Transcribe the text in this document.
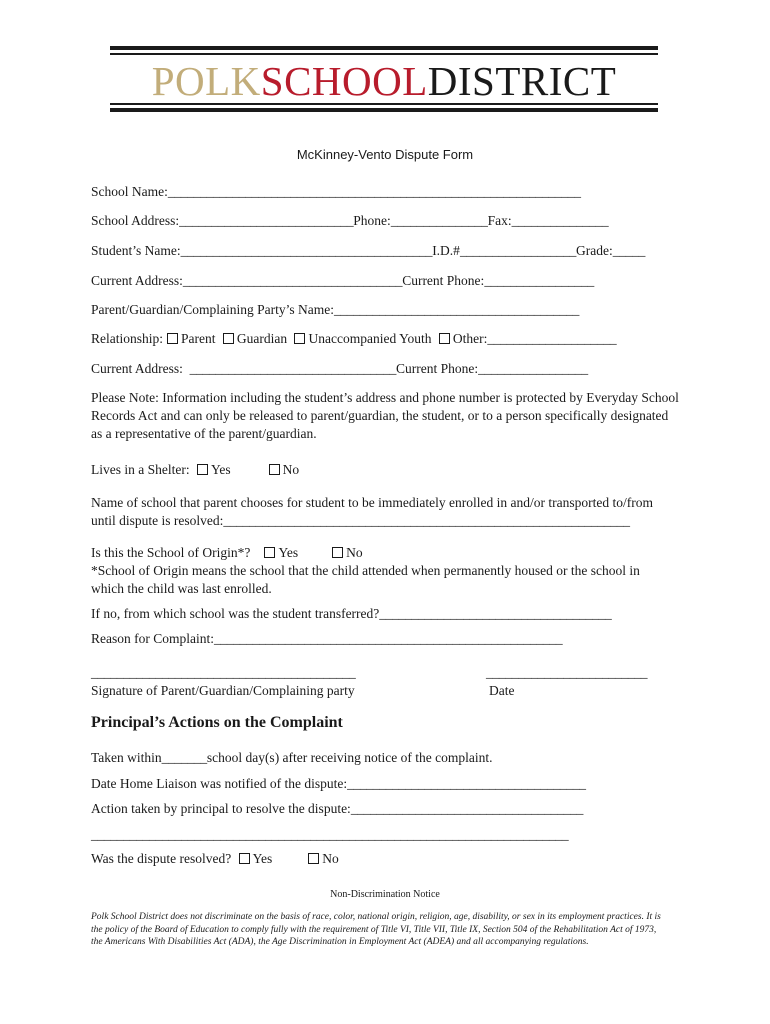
POLK SCHOOL DISTRICT
McKinney-Vento Dispute Form
School Name:________________________________________________________________
School Address:___________________________Phone:_______________Fax:_______________
Student’s Name:_______________________________________I.D.#__________________Grade:_____
Current Address:__________________________________Current Phone:_________________
Parent/Guardian/Complaining Party’s Name:______________________________________
Relationship: Parent Guardian Unaccompanied Youth Other:____________________
Current Address: ________________________________Current Phone:_________________
Please Note: Information including the student’s address and phone number is protected by Everyday School Records Act and can only be released to parent/guardian, the student, or to a person specifically designated as a representative of the parent/guardian.
Lives in a Shelter: Yes	No
Name of school that parent chooses for student to be immediately enrolled in and/or transported to/from
until dispute is resolved:_______________________________________________________________
Is this the School of Origin*? Yes	No
*School of Origin means the school that the child attended when permanently housed or the school in which the child was last enrolled.
If no, from which school was the student transferred?____________________________________
Reason for Complaint:______________________________________________________
_________________________________________	_________________________
Signature of Parent/Guardian/Complaining party	Date
Principal’s Actions on the Complaint
Taken within_______school day(s) after receiving notice of the complaint.
Date Home Liaison was notified of the dispute:_____________________________________
Action taken by principal to resolve the dispute:____________________________________
__________________________________________________________________________
Was the dispute resolved? Yes	No
Non-Discrimination Notice
Polk School District does not discriminate on the basis of race, color, national origin, religion, age, disability, or sex in its employment practices. It is the policy of the Board of Education to comply fully with the requirement of Title VI, Title VII, Title IX, Section 504 of the Rehabilitation Act of 1973, the Americans With Disabilities Act (ADA), the Age Discrimination in Employment Act (ADEA) and all accompanying regulations.
